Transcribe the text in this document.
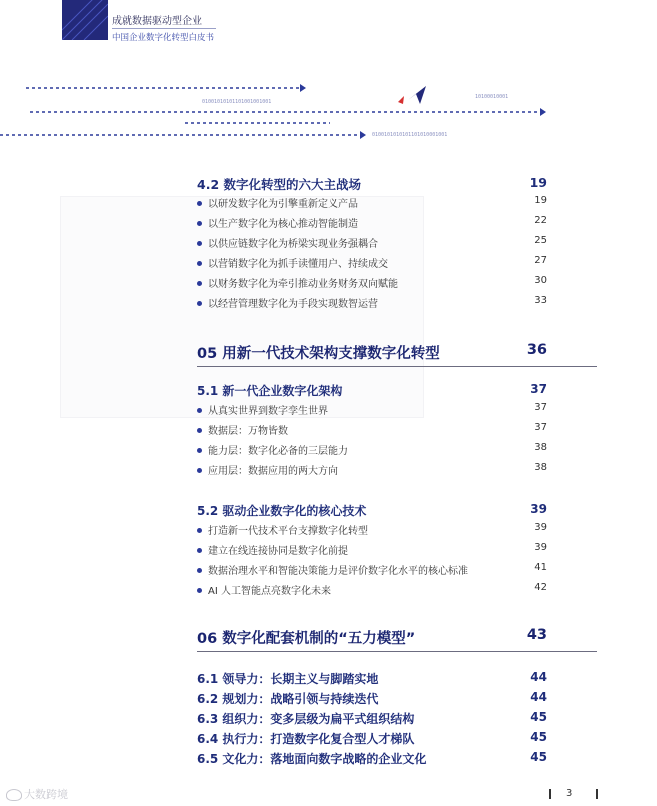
成就数据驱动型企业
中国企业数字化转型白皮书
01001010101101001001001
10100010001
0100101010101101010001001
4.2 数字化转型的六大主战场	19
以研发数字化为引擎重新定义产品	19
以生产数字化为核心推动智能制造	22
以供应链数字化为桥梁实现业务强耦合	25
以营销数字化为抓手读懂用户、持续成交	27
以财务数字化为牵引推动业务财务双向赋能	30
以经营管理数字化为手段实现数智运营	33
05 用新一代技术架构支撑数字化转型	36
5.1 新一代企业数字化架构	37
从真实世界到数字孪生世界	37
数据层：万物皆数	37
能力层：数字化必备的三层能力	38
应用层：数据应用的两大方向	38
5.2 驱动企业数字化的核心技术	39
打造新一代技术平台支撑数字化转型	39
建立在线连接协同是数字化前提	39
数据治理水平和智能决策能力是评价数字化水平的核心标准	41
AI 人工智能点亮数字化未来	42
06 数字化配套机制的“五力模型”	43
6.1 领导力：长期主义与脚踏实地	44
6.2 规划力：战略引领与持续迭代	44
6.3 组织力：变多层级为扁平式组织结构	45
6.4 执行力：打造数字化复合型人才梯队	45
6.5 文化力：落地面向数字战略的企业文化	45
大数跨境	3
